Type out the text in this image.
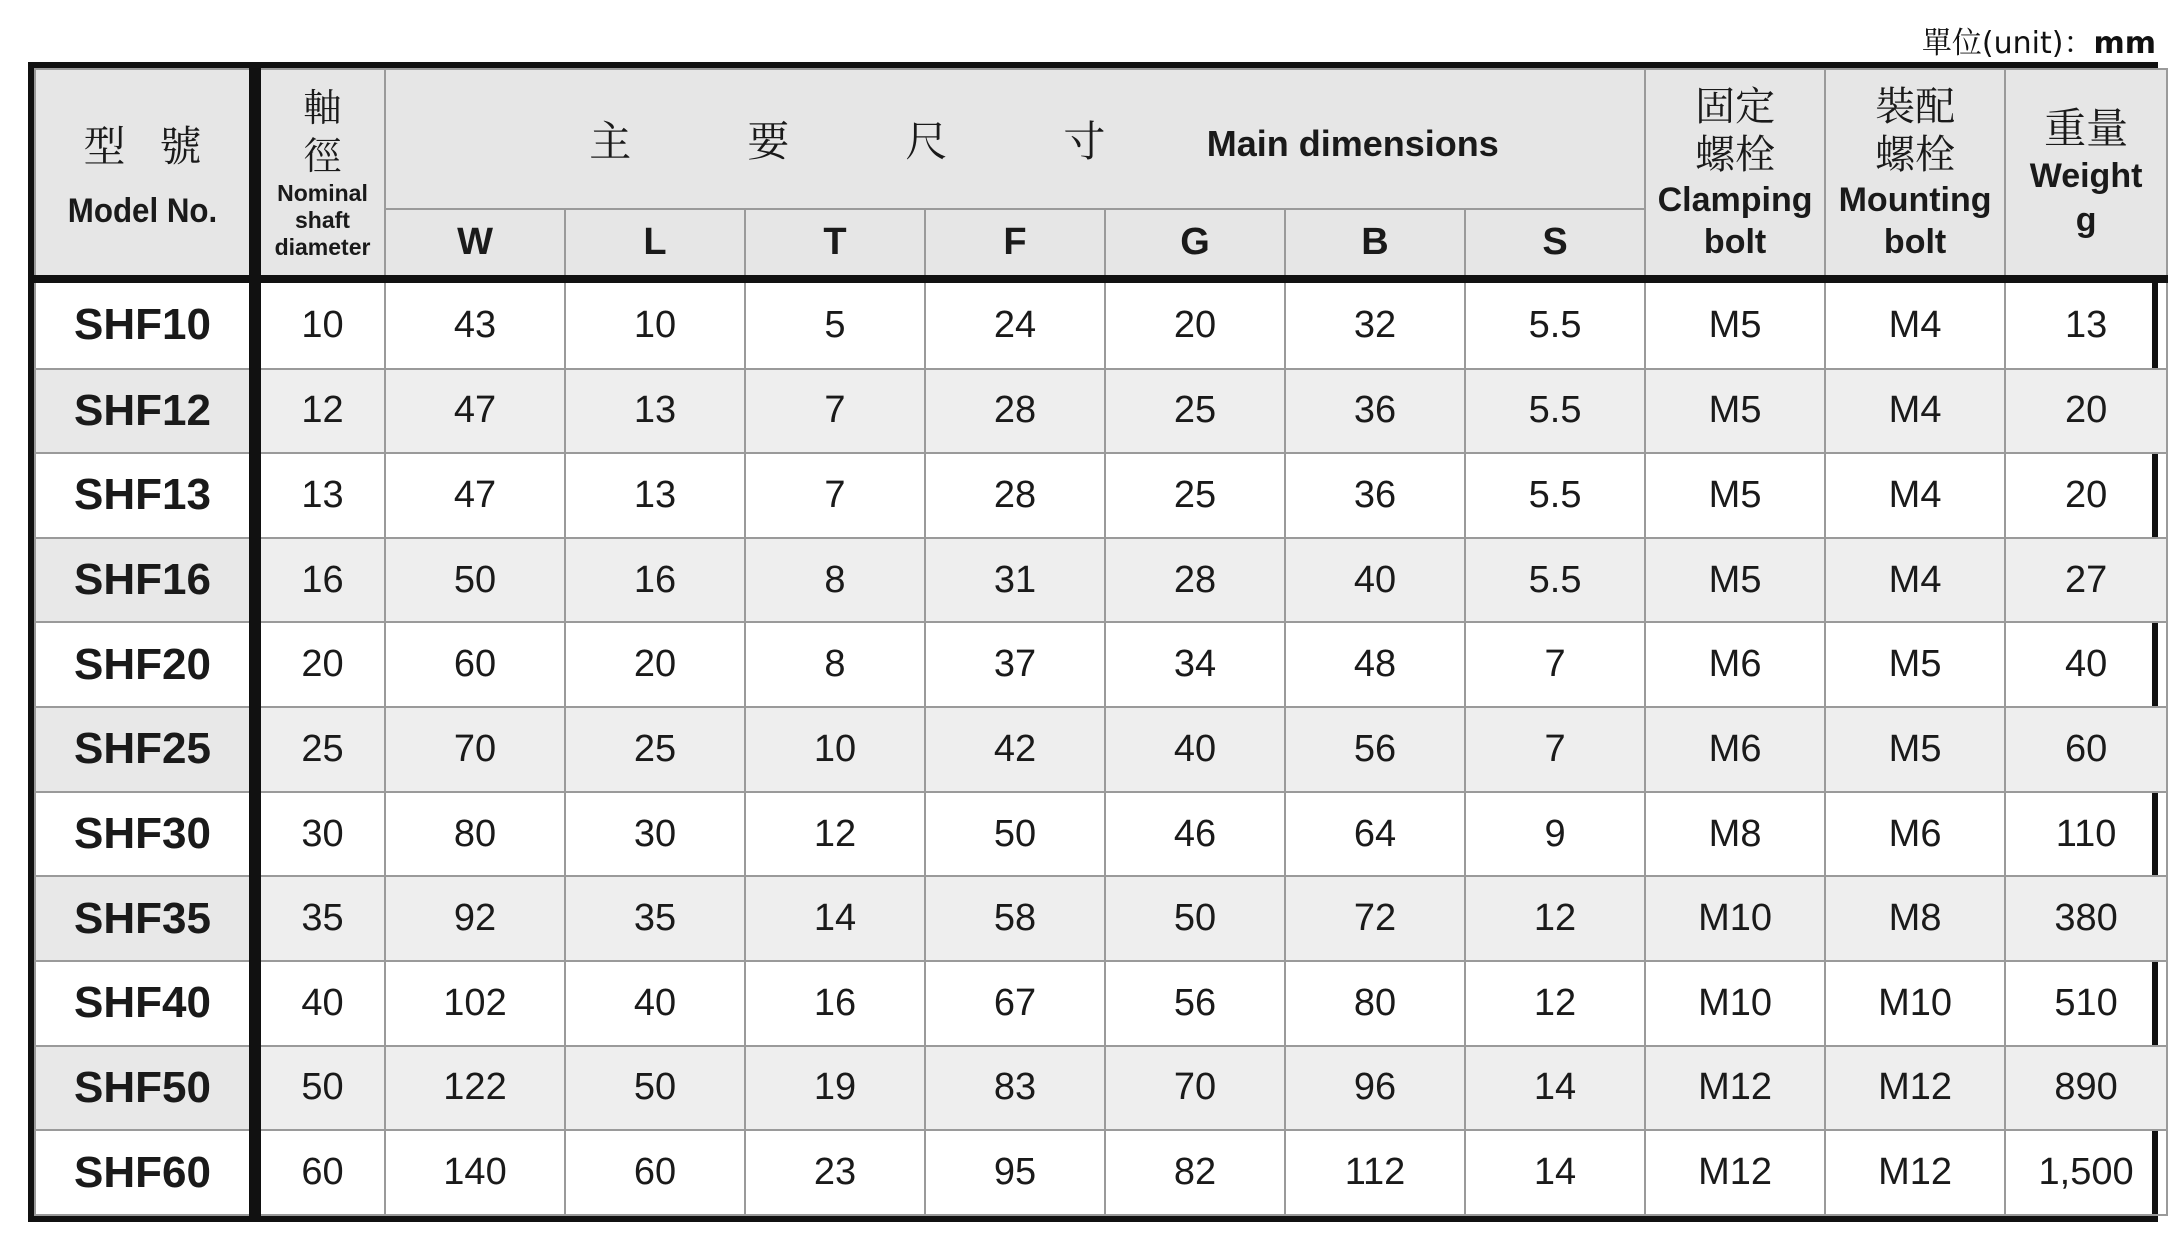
單位(unit)：mm
型號
Model No.	軸
徑
Nominal
shaft
diameter	主 要 尺 寸 Main dimensions							固定
螺栓
Clamping
bolt	裝配
螺栓
Mounting
bolt	重量
Weight
g

		W	L	T	F	G	B	S			
SHF10	10	43	10	5	24	20	32	5.5	M5	M4	13
SHF12	12	47	13	7	28	25	36	5.5	M5	M4	20
SHF13	13	47	13	7	28	25	36	5.5	M5	M4	20
SHF16	16	50	16	8	31	28	40	5.5	M5	M4	27
SHF20	20	60	20	8	37	34	48	7	M6	M5	40
SHF25	25	70	25	10	42	40	56	7	M6	M5	60
SHF30	30	80	30	12	50	46	64	9	M8	M6	110
SHF35	35	92	35	14	58	50	72	12	M10	M8	380
SHF40	40	102	40	16	67	56	80	12	M10	M10	510
SHF50	50	122	50	19	83	70	96	14	M12	M12	890
SHF60	60	140	60	23	95	82	112	14	M12	M12	1,500
